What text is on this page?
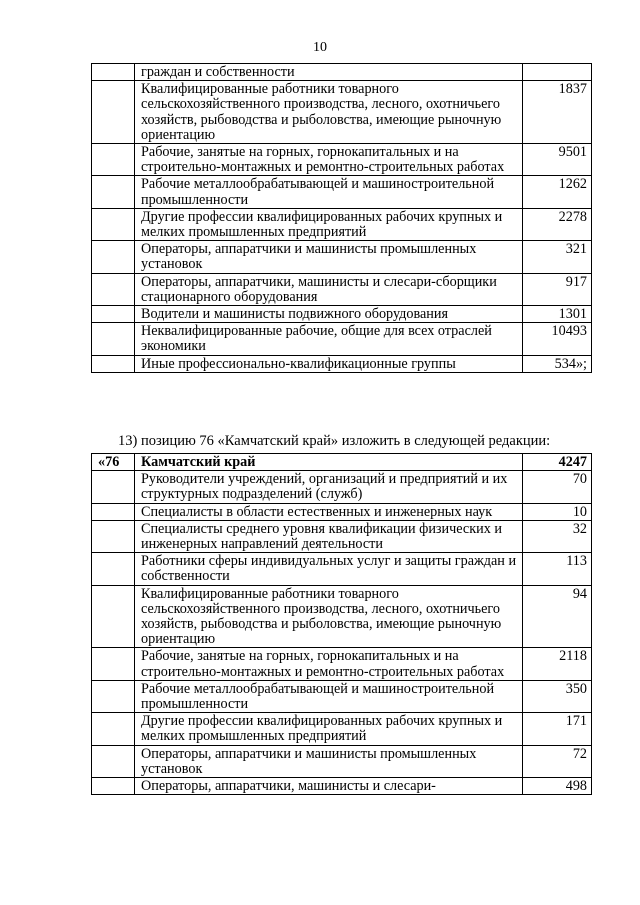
10
	граждан и собственности	
	Квалифицированные работники товарного сельскохозяйственного производства, лесного, охотничьего хозяйств, рыбоводства и рыболовства, имеющие рыночную ориентацию	1837
	Рабочие, занятые на горных, горнокапитальных и на строительно-монтажных и ремонтно-строительных работах	9501
	Рабочие металлообрабатывающей и машиностроительной промышленности	1262
	Другие профессии квалифицированных рабочих крупных и мелких промышленных предприятий	2278
	Операторы, аппаратчики и машинисты промышленных установок	321
	Операторы, аппаратчики, машинисты и слесари-сборщики стационарного оборудования	917
	Водители и машинисты подвижного оборудования	1301
	Неквалифицированные рабочие, общие для всех отраслей экономики	10493
	Иные профессионально-квалификационные группы	534»;
13) позицию 76 «Камчатский край» изложить в следующей редакции:
«76	Камчатский край	4247
	Руководители учреждений, организаций и предприятий и их структурных подразделений (служб)	70
	Специалисты в области естественных и инженерных наук	10
	Специалисты среднего уровня квалификации физических и инженерных направлений деятельности	32
	Работники сферы индивидуальных услуг и защиты граждан и собственности	113
	Квалифицированные работники товарного сельскохозяйственного производства, лесного, охотничьего хозяйств, рыбоводства и рыболовства, имеющие рыночную ориентацию	94
	Рабочие, занятые на горных, горнокапитальных и на строительно-монтажных и ремонтно-строительных работах	2118
	Рабочие металлообрабатывающей и машиностроительной промышленности	350
	Другие профессии квалифицированных рабочих крупных и мелких промышленных предприятий	171
	Операторы, аппаратчики и машинисты промышленных установок	72
	Операторы, аппаратчики, машинисты и слесари-	498
